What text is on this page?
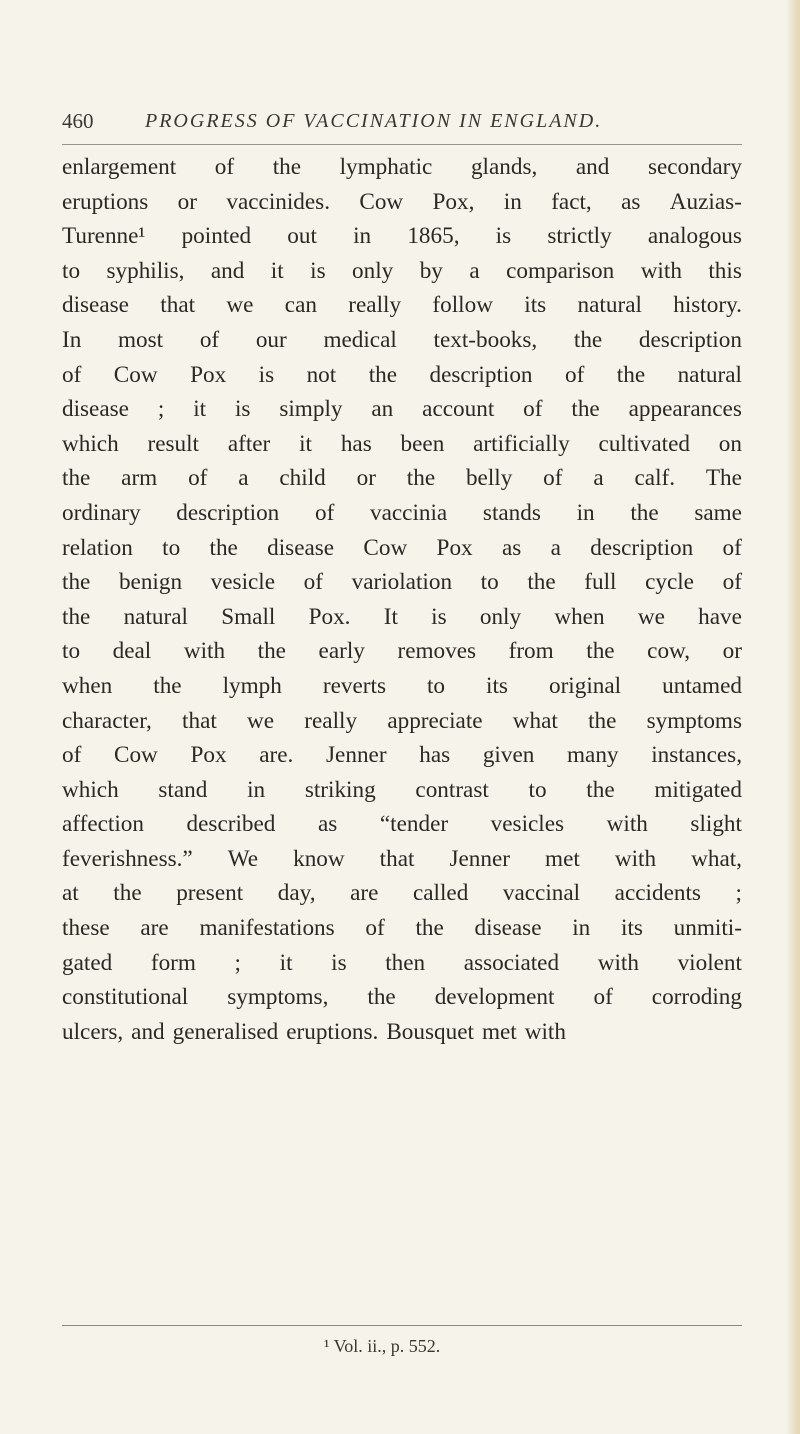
460	PROGRESS OF VACCINATION IN ENGLAND.
enlargement of the lymphatic glands, and secondary
eruptions or vaccinides. Cow Pox, in fact, as Auzias-
Turenne¹ pointed out in 1865, is strictly analogous
to syphilis, and it is only by a comparison with this
disease that we can really follow its natural history.
In most of our medical text-books, the description
of Cow Pox is not the description of the natural
disease ; it is simply an account of the appearances
which result after it has been artificially cultivated on
the arm of a child or the belly of a calf. The
ordinary description of vaccinia stands in the same
relation to the disease Cow Pox as a description of
the benign vesicle of variolation to the full cycle of
the natural Small Pox. It is only when we have
to deal with the early removes from the cow, or
when the lymph reverts to its original untamed
character, that we really appreciate what the symptoms
of Cow Pox are. Jenner has given many instances,
which stand in striking contrast to the mitigated
affection described as “tender vesicles with slight
feverishness.” We know that Jenner met with what,
at the present day, are called vaccinal accidents ;
these are manifestations of the disease in its unmiti-
gated form ; it is then associated with violent
constitutional symptoms, the development of corroding
ulcers, and generalised eruptions. Bousquet met with
¹ Vol. ii., p. 552.
